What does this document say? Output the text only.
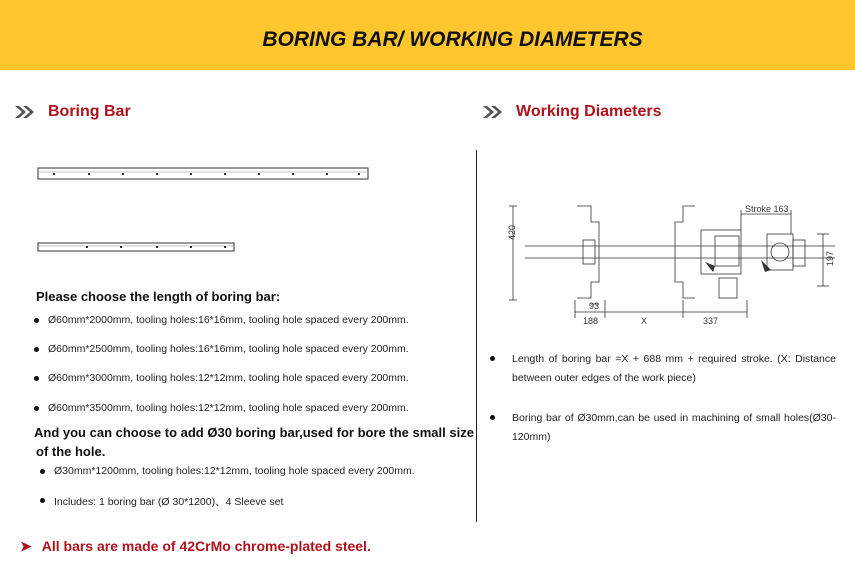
BORING BAR/ WORKING DIAMETERS
Boring Bar	Working Diameters
Please choose the length of boring bar:
Ø60mm*2000mm, tooling holes:16*16mm, tooling hole spaced every 200mm.
Ø60mm*2500mm, tooling holes:16*16mm, tooling hole spaced every 200mm.
Ø60mm*3000mm, tooling holes:12*12mm, tooling hole spaced every 200mm.
Ø60mm*3500mm, tooling holes:12*12mm, tooling hole spaced every 200mm.
And you can choose to add Ø30 boring bar,used for bore the small size
of the hole.
Ø30mm*1200mm, tooling holes:12*12mm, tooling hole spaced every 200mm.
Includes: 1 boring bar (Ø 30*1200)、4 Sleeve set
420
Stroke 163
197
93
188	X	337
Length of boring bar =X + 688 mm + required stroke. (X: Distance between outer edges of the work piece)
Boring bar of Ø30mm,can be used in machining of small holes(Ø30-120mm)
➤ All bars are made of 42CrMo chrome-plated steel.
